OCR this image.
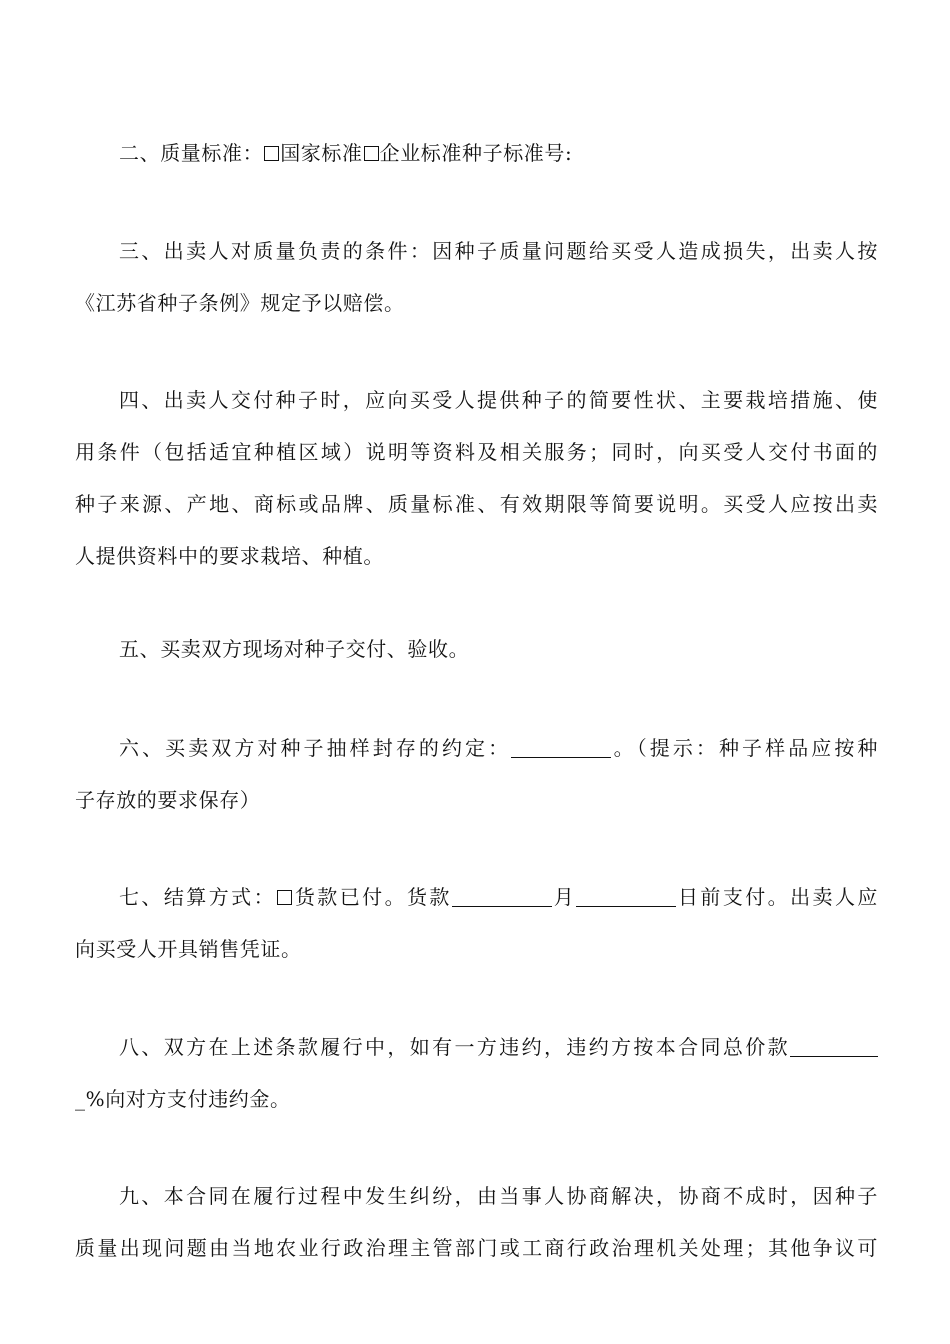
二、质量标准： 国家标准 企业标准种子标准号:

三、出卖人对质量负责的条件：因种子质量问题给买受人造成损失，出卖人按
《江苏省种子条例》规定予以赔偿。

四、出卖人交付种子时，应向买受人提供种子的简要性状、主要栽培措施、使
用条件（包括适宜种植区域）说明等资料及相关服务；同时，向买受人交付书面的
种子来源、产地、商标或品牌、质量标准、有效期限等简要说明。买受人应按出卖
人提供资料中的要求栽培、种植。

五、买卖双方现场对种子交付、验收。

六、买卖双方对种子抽样封存的约定：	。（提示：种子样品应按种
子存放的要求保存）

七、结算方式： 货款已付。货款	月	日前支付。出卖人应
向买受人开具销售凭证。

八、双方在上述条款履行中，如有一方违约，违约方按本合同总价款
_%向对方支付违约金。

九、本合同在履行过程中发生纠纷，由当事人协商解决，协商不成时，因种子
质量出现问题由当地农业行政治理主管部门或工商行政治理机关处理；其他争议可
